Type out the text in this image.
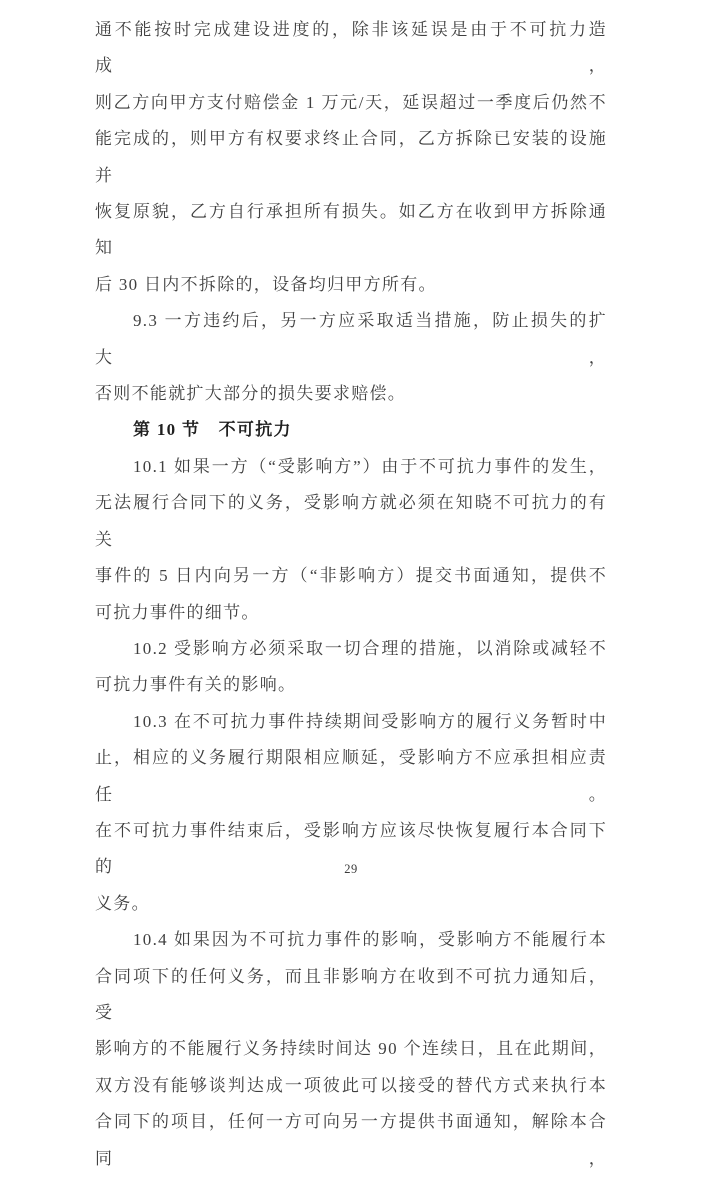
通不能按时完成建设进度的，除非该延误是由于不可抗力造成，
则乙方向甲方支付赔偿金 1 万元/天，延误超过一季度后仍然不
能完成的，则甲方有权要求终止合同，乙方拆除已安装的设施并
恢复原貌，乙方自行承担所有损失。如乙方在收到甲方拆除通知
后 30 日内不拆除的，设备均归甲方所有。
9.3 一方违约后，另一方应采取适当措施，防止损失的扩大，
否则不能就扩大部分的损失要求赔偿。
第 10 节　不可抗力
10.1 如果一方（“受影响方”）由于不可抗力事件的发生，
无法履行合同下的义务，受影响方就必须在知晓不可抗力的有关
事件的 5 日内向另一方（“非影响方）提交书面通知，提供不
可抗力事件的细节。
10.2 受影响方必须采取一切合理的措施，以消除或减轻不
可抗力事件有关的影响。
10.3 在不可抗力事件持续期间受影响方的履行义务暂时中
止，相应的义务履行期限相应顺延，受影响方不应承担相应责任。
在不可抗力事件结束后，受影响方应该尽快恢复履行本合同下的
义务。
10.4 如果因为不可抗力事件的影响，受影响方不能履行本
合同项下的任何义务，而且非影响方在收到不可抗力通知后，受
影响方的不能履行义务持续时间达 90 个连续日，且在此期间，
双方没有能够谈判达成一项彼此可以接受的替代方式来执行本
合同下的项目，任何一方可向另一方提供书面通知，解除本合同，
29
